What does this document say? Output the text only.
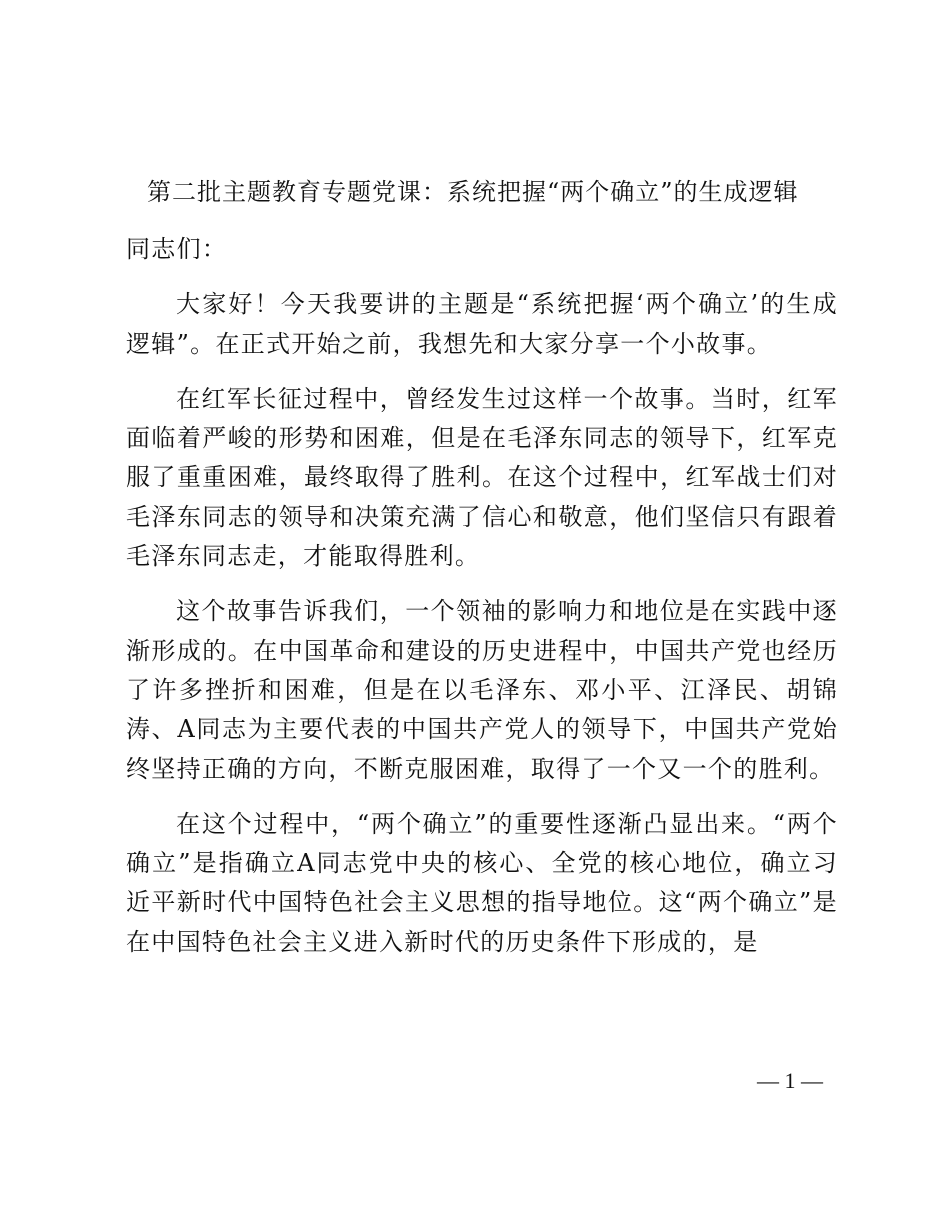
第二批主题教育专题党课：系统把握“两个确立”的生成逻辑

同志们：

大家好！今天我要讲的主题是“系统把握‘两个确立’的生成逻辑”。在正式开始之前，我想先和大家分享一个小故事。

在红军长征过程中，曾经发生过这样一个故事。当时，红军面临着严峻的形势和困难，但是在毛泽东同志的领导下，红军克服了重重困难，最终取得了胜利。在这个过程中，红军战士们对毛泽东同志的领导和决策充满了信心和敬意，他们坚信只有跟着毛泽东同志走，才能取得胜利。

这个故事告诉我们，一个领袖的影响力和地位是在实践中逐渐形成的。在中国革命和建设的历史进程中，中国共产党也经历了许多挫折和困难，但是在以毛泽东、邓小平、江泽民、胡锦涛、A同志为主要代表的中国共产党人的领导下，中国共产党始终坚持正确的方向，不断克服困难，取得了一个又一个的胜利。

在这个过程中，“两个确立”的重要性逐渐凸显出来。“两个确立”是指确立A同志党中央的核心、全党的核心地位，确立习近平新时代中国特色社会主义思想的指导地位。这“两个确立”是在中国特色社会主义进入新时代的历史条件下形成的，是

— 1 —
